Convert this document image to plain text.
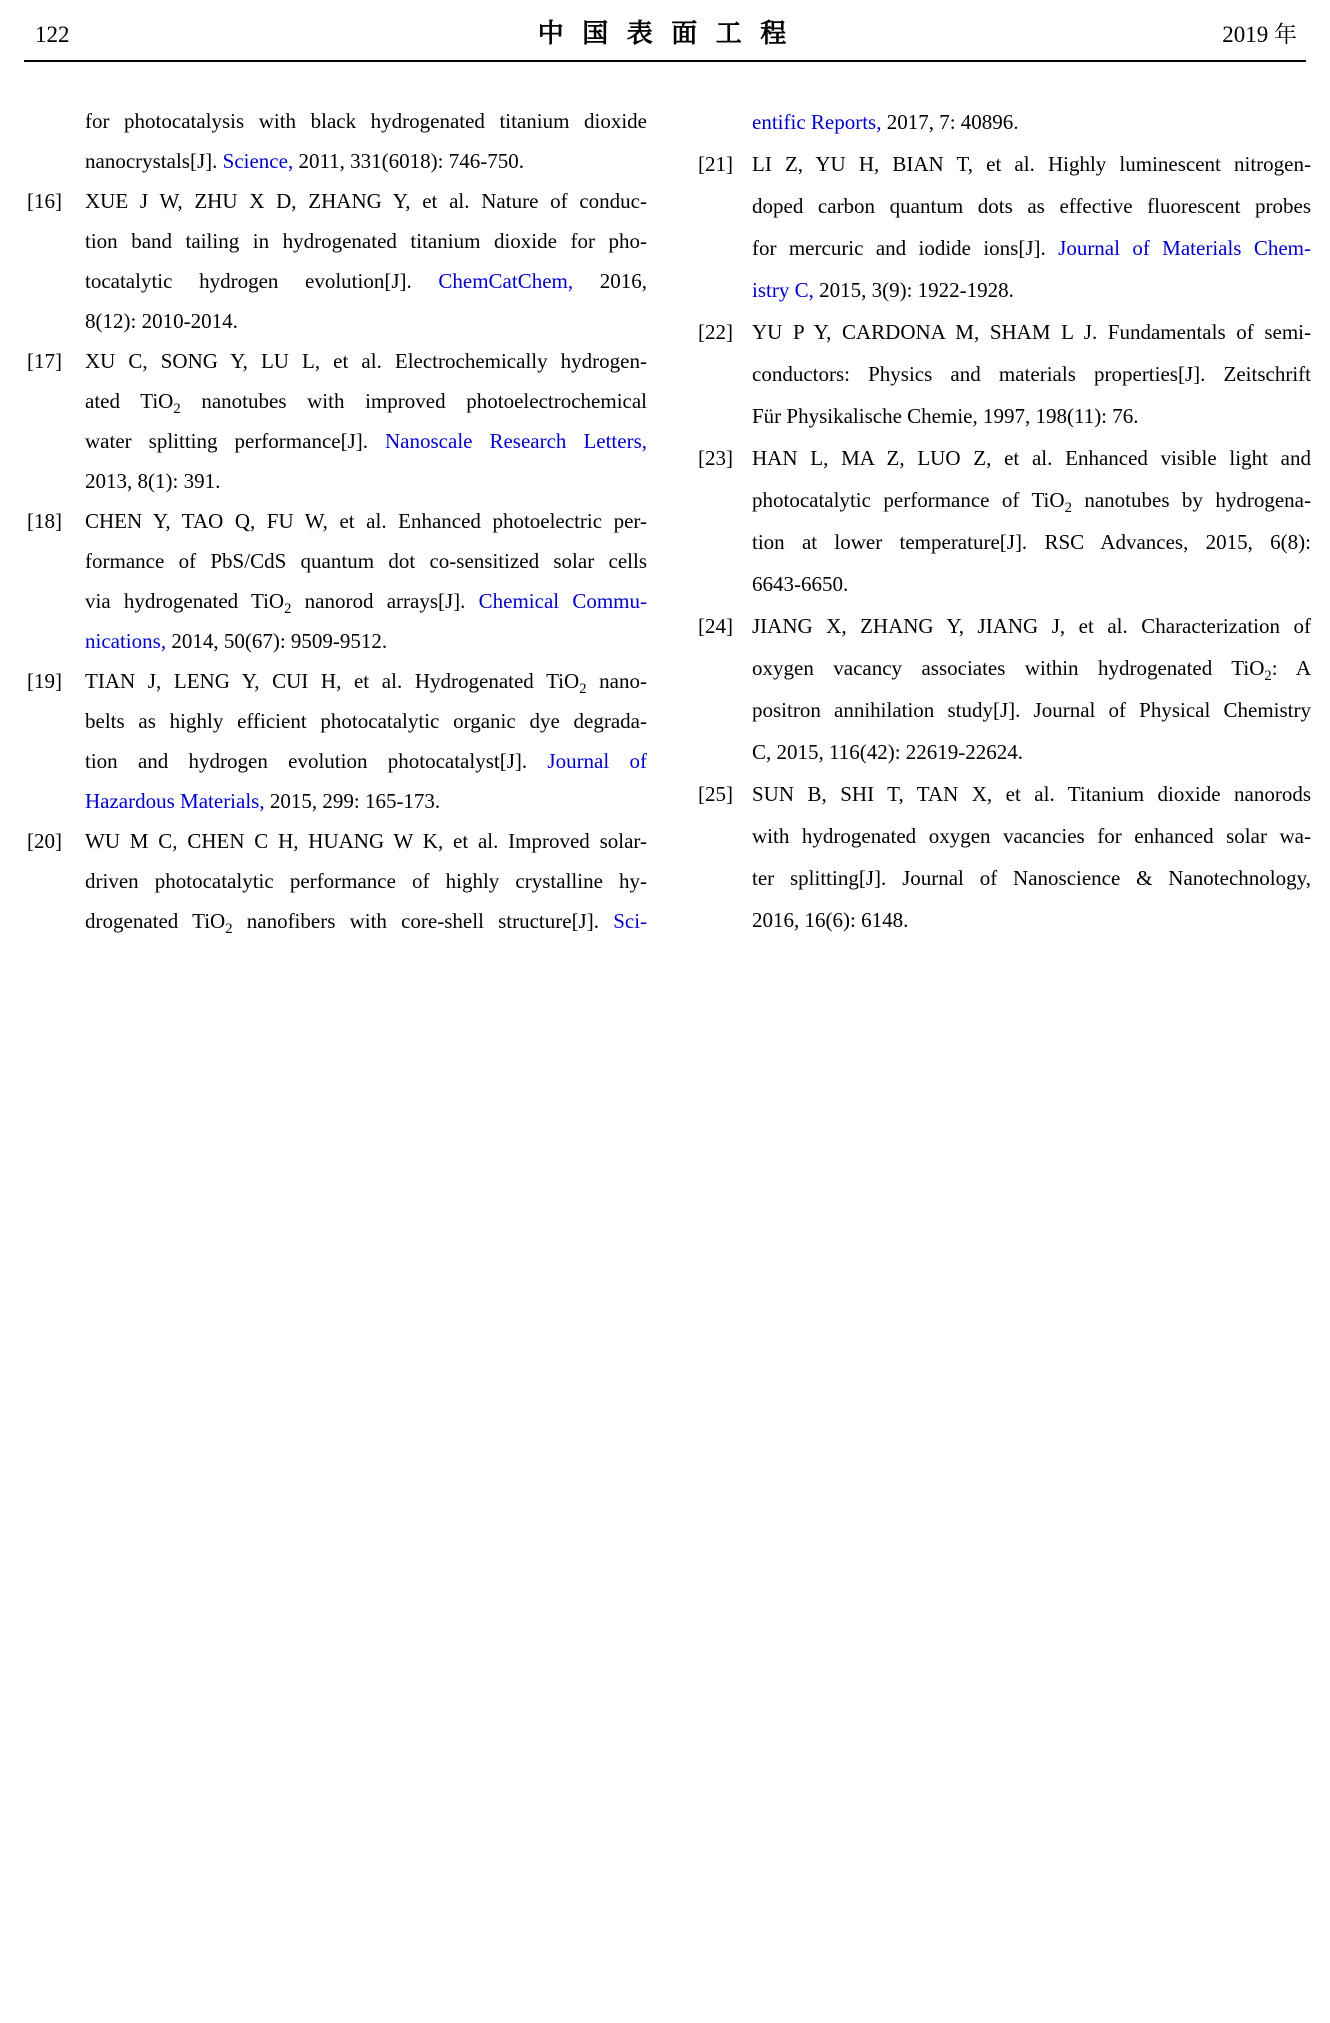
122	中 国 表 面 工 程	2019 年
for photocatalysis with black hydrogenated titanium dioxide
nanocrystals[J]. Science, 2011, 331(6018): 746-750.
[16] XUE J W, ZHU X D, ZHANG Y, et al. Nature of conduc-
tion band tailing in hydrogenated titanium dioxide for pho-
tocatalytic hydrogen evolution[J]. ChemCatChem, 2016,
8(12): 2010-2014.
[17] XU C, SONG Y, LU L, et al. Electrochemically hydrogen-
ated TiO$_2$ nanotubes with improved photoelectrochemical
water splitting performance[J]. Nanoscale Research Letters,
2013, 8(1): 391.
[18] CHEN Y, TAO Q, FU W, et al. Enhanced photoelectric per-
formance of PbS/CdS quantum dot co-sensitized solar cells
via hydrogenated TiO$_2$ nanorod arrays[J]. Chemical Commu-
nications, 2014, 50(67): 9509-9512.
[19] TIAN J, LENG Y, CUI H, et al. Hydrogenated TiO$_2$ nano-
belts as highly efficient photocatalytic organic dye degrada-
tion and hydrogen evolution photocatalyst[J]. Journal of
Hazardous Materials, 2015, 299: 165-173.
[20] WU M C, CHEN C H, HUANG W K, et al. Improved solar-
driven photocatalytic performance of highly crystalline hy-
drogenated TiO$_2$ nanofibers with core-shell structure[J]. Sci-
entific Reports, 2017, 7: 40896.
[21] LI Z, YU H, BIAN T, et al. Highly luminescent nitrogen-
doped carbon quantum dots as effective fluorescent probes
for mercuric and iodide ions[J]. Journal of Materials Chem-
istry C, 2015, 3(9): 1922-1928.
[22] YU P Y, CARDONA M, SHAM L J. Fundamentals of semi-
conductors: Physics and materials properties[J]. Zeitschrift
Für Physikalische Chemie, 1997, 198(11): 76.
[23] HAN L, MA Z, LUO Z, et al. Enhanced visible light and
photocatalytic performance of TiO$_2$ nanotubes by hydrogena-
tion at lower temperature[J]. RSC Advances, 2015, 6(8):
6643-6650.
[24] JIANG X, ZHANG Y, JIANG J, et al. Characterization of
oxygen vacancy associates within hydrogenated TiO$_2$: A
positron annihilation study[J]. Journal of Physical Chemistry
C, 2015, 116(42): 22619-22624.
[25] SUN B, SHI T, TAN X, et al. Titanium dioxide nanorods
with hydrogenated oxygen vacancies for enhanced solar wa-
ter splitting[J]. Journal of Nanoscience & Nanotechnology,
2016, 16(6): 6148.
